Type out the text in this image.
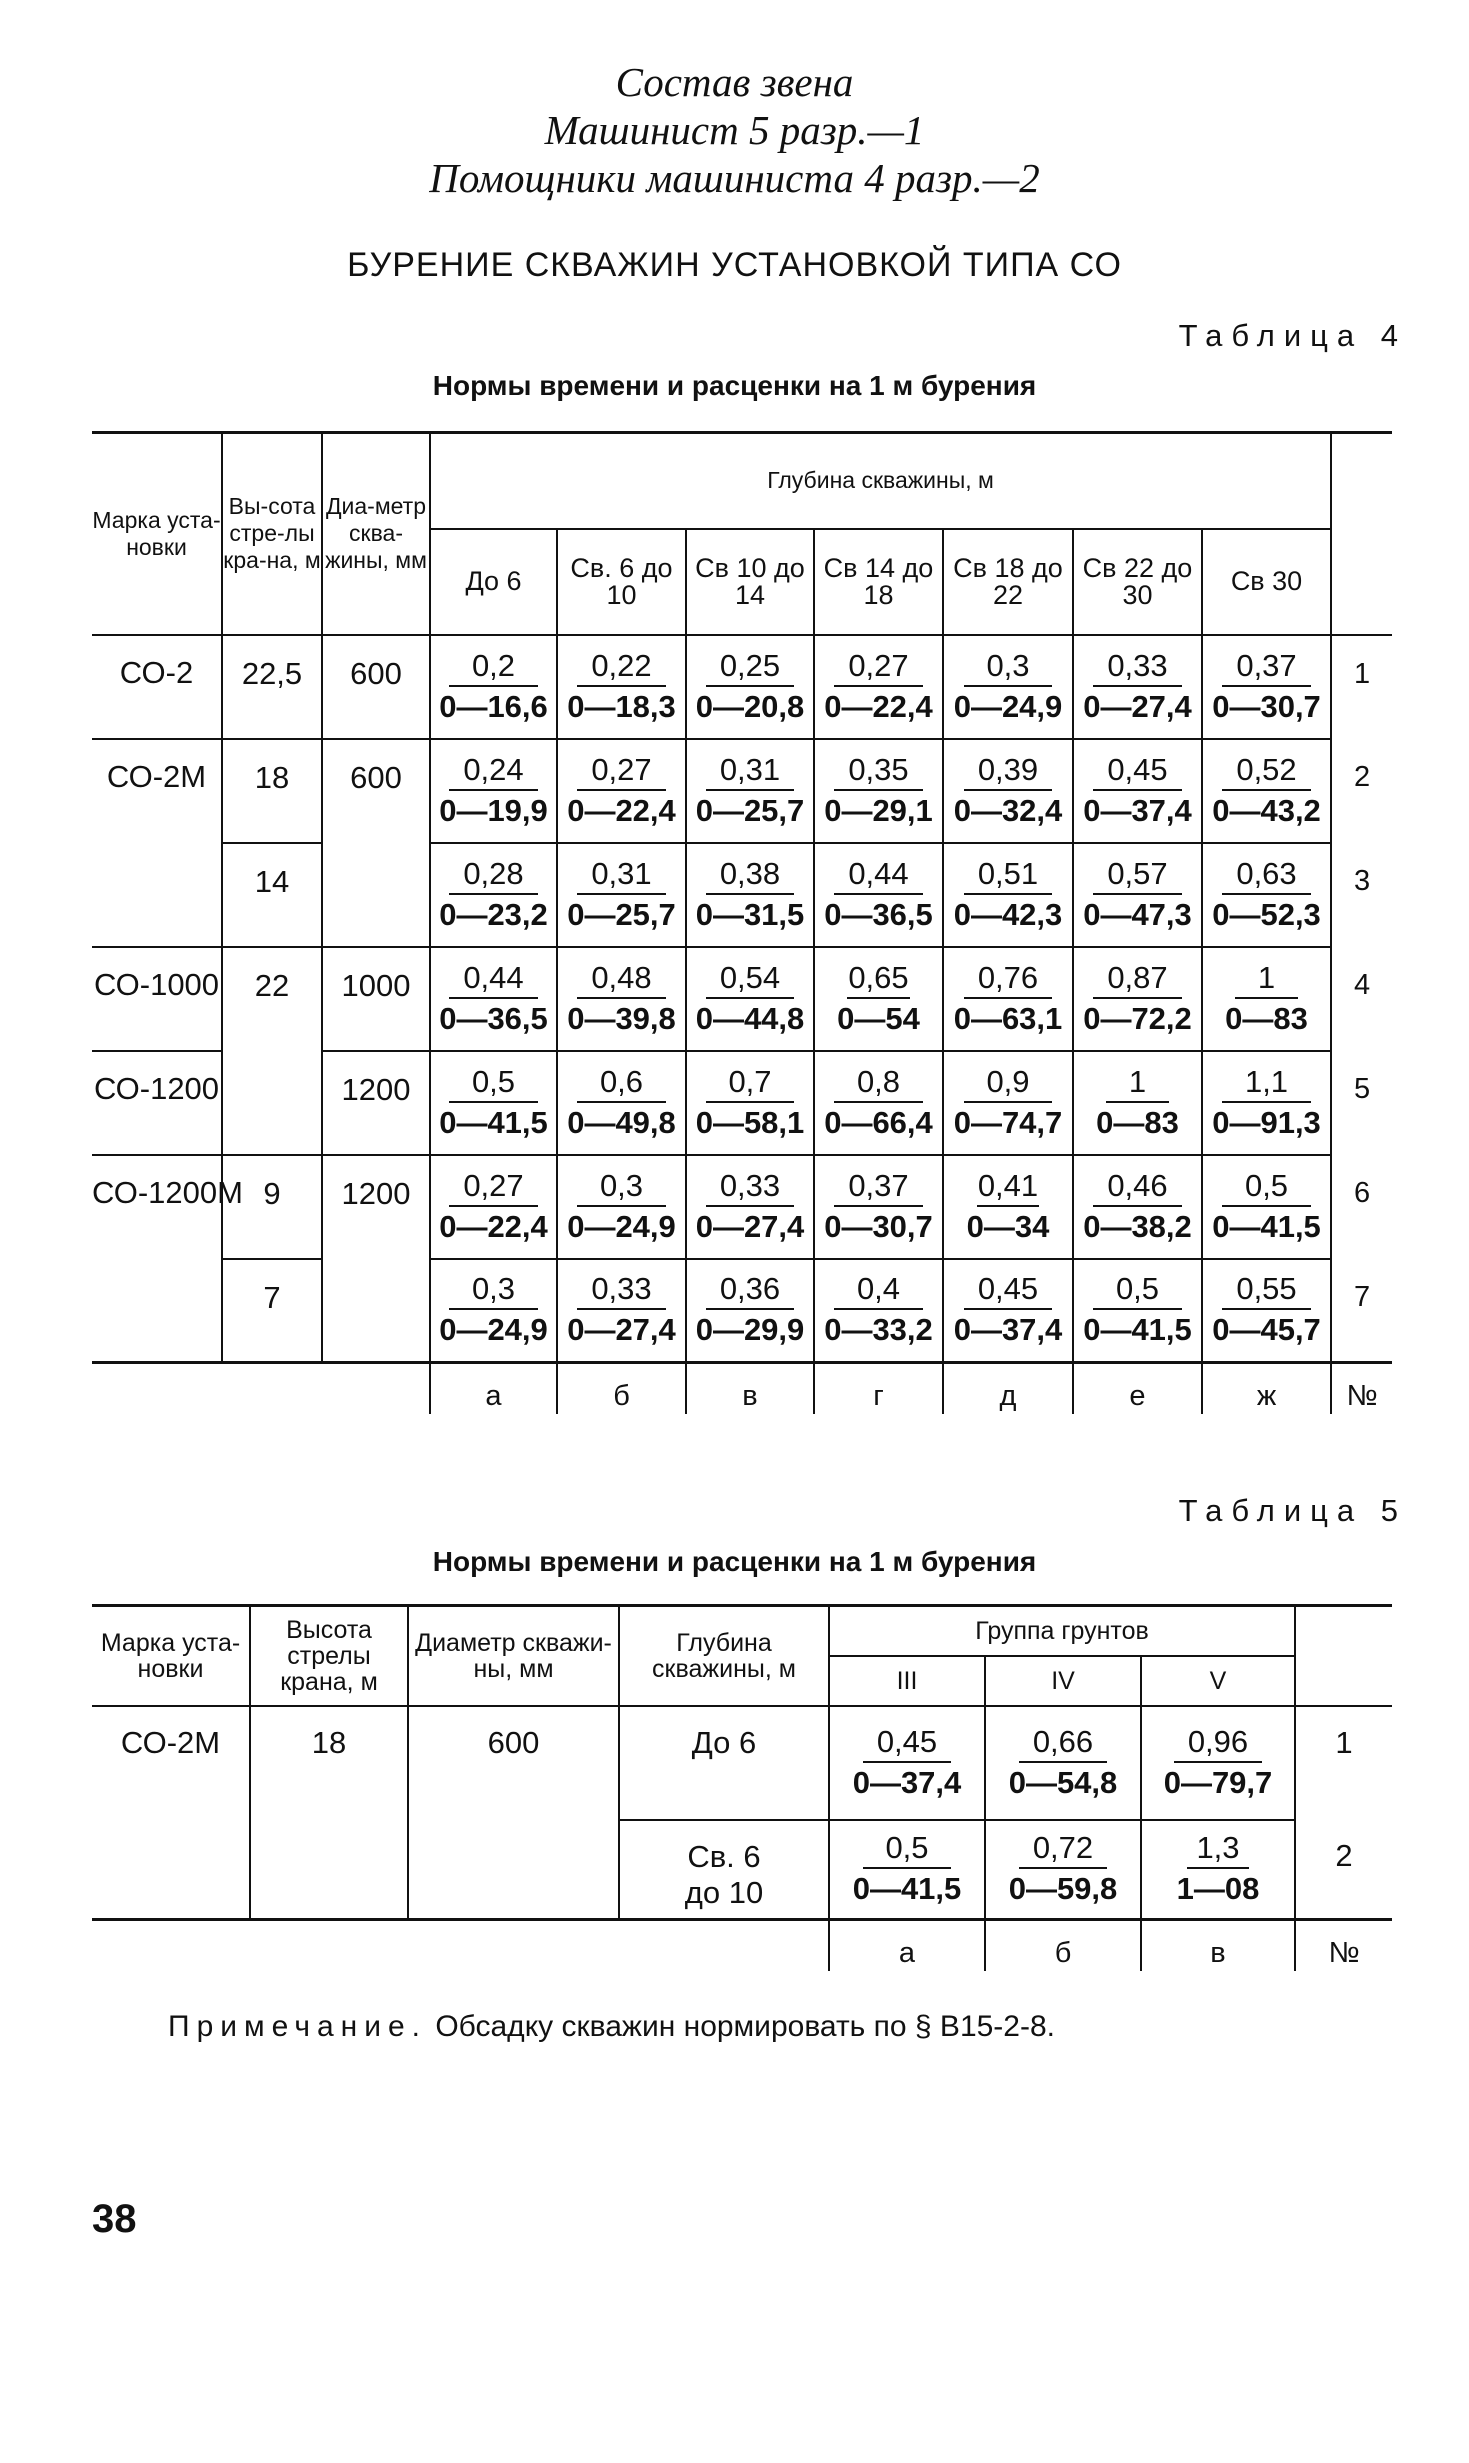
Состав звена
Машинист 5 разр.—1
Помощники машиниста 4 разр.—2
БУРЕНИЕ СКВАЖИН УСТАНОВКОЙ ТИПА СО
Таблица 4
Нормы времени и расценки на 1 м бурения
Марка уста-новки	Вы-сота стре-лы кра-на, м	Диа-метр сква-жины, мм	Глубина скважины, м							
			До 6	Св. 6 до 10	Св 10 до 14	Св 14 до 18	Св 18 до 22	Св 22 до 30	Св 30	
СО-2	22,5	600	$\frac{0,2}{0—16,6}$	$\frac{0,22}{0—18,3}$	$\frac{0,25}{0—20,8}$	$\frac{0,27}{0—22,4}$	$\frac{0,3}{0—24,9}$	$\frac{0,33}{0—27,4}$	$\frac{0,37}{0—30,7}$	1
СО-2М	18	600	$\frac{0,24}{0—19,9}$	$\frac{0,27}{0—22,4}$	$\frac{0,31}{0—25,7}$	$\frac{0,35}{0—29,1}$	$\frac{0,39}{0—32,4}$	$\frac{0,45}{0—37,4}$	$\frac{0,52}{0—43,2}$	2
	14		$\frac{0,28}{0—23,2}$	$\frac{0,31}{0—25,7}$	$\frac{0,38}{0—31,5}$	$\frac{0,44}{0—36,5}$	$\frac{0,51}{0—42,3}$	$\frac{0,57}{0—47,3}$	$\frac{0,63}{0—52,3}$	3
СО-1000	22	1000	$\frac{0,44}{0—36,5}$	$\frac{0,48}{0—39,8}$	$\frac{0,54}{0—44,8}$	$\frac{0,65}{0—54}$	$\frac{0,76}{0—63,1}$	$\frac{0,87}{0—72,2}$	$\frac{1}{0—83}$	4
СО-1200		1200	$\frac{0,5}{0—41,5}$	$\frac{0,6}{0—49,8}$	$\frac{0,7}{0—58,1}$	$\frac{0,8}{0—66,4}$	$\frac{0,9}{0—74,7}$	$\frac{1}{0—83}$	$\frac{1,1}{0—91,3}$	5
СО-1200М	9	1200	$\frac{0,27}{0—22,4}$	$\frac{0,3}{0—24,9}$	$\frac{0,33}{0—27,4}$	$\frac{0,37}{0—30,7}$	$\frac{0,41}{0—34}$	$\frac{0,46}{0—38,2}$	$\frac{0,5}{0—41,5}$	6
	7		$\frac{0,3}{0—24,9}$	$\frac{0,33}{0—27,4}$	$\frac{0,36}{0—29,9}$	$\frac{0,4}{0—33,2}$	$\frac{0,45}{0—37,4}$	$\frac{0,5}{0—41,5}$	$\frac{0,55}{0—45,7}$	7
			а	б	в	г	д	е	ж	№
Таблица 5
Нормы времени и расценки на 1 м бурения
Марка уста-новки	Высота стрелы крана, м	Диаметр скважи-ны, мм	Глубина скважины, м	Группа грунтов			
				III	IV	V	
СО-2М	18	600	До 6	$\frac{0,45}{0—37,4}$	$\frac{0,66}{0—54,8}$	$\frac{0,96}{0—79,7}$	1
			Св. 6 до 10	$\frac{0,5}{0—41,5}$	$\frac{0,72}{0—59,8}$	$\frac{1,3}{1—08}$	2
				а	б	в	№
Примечание. Обсадку скважин нормировать по § В15-2-8.
38
